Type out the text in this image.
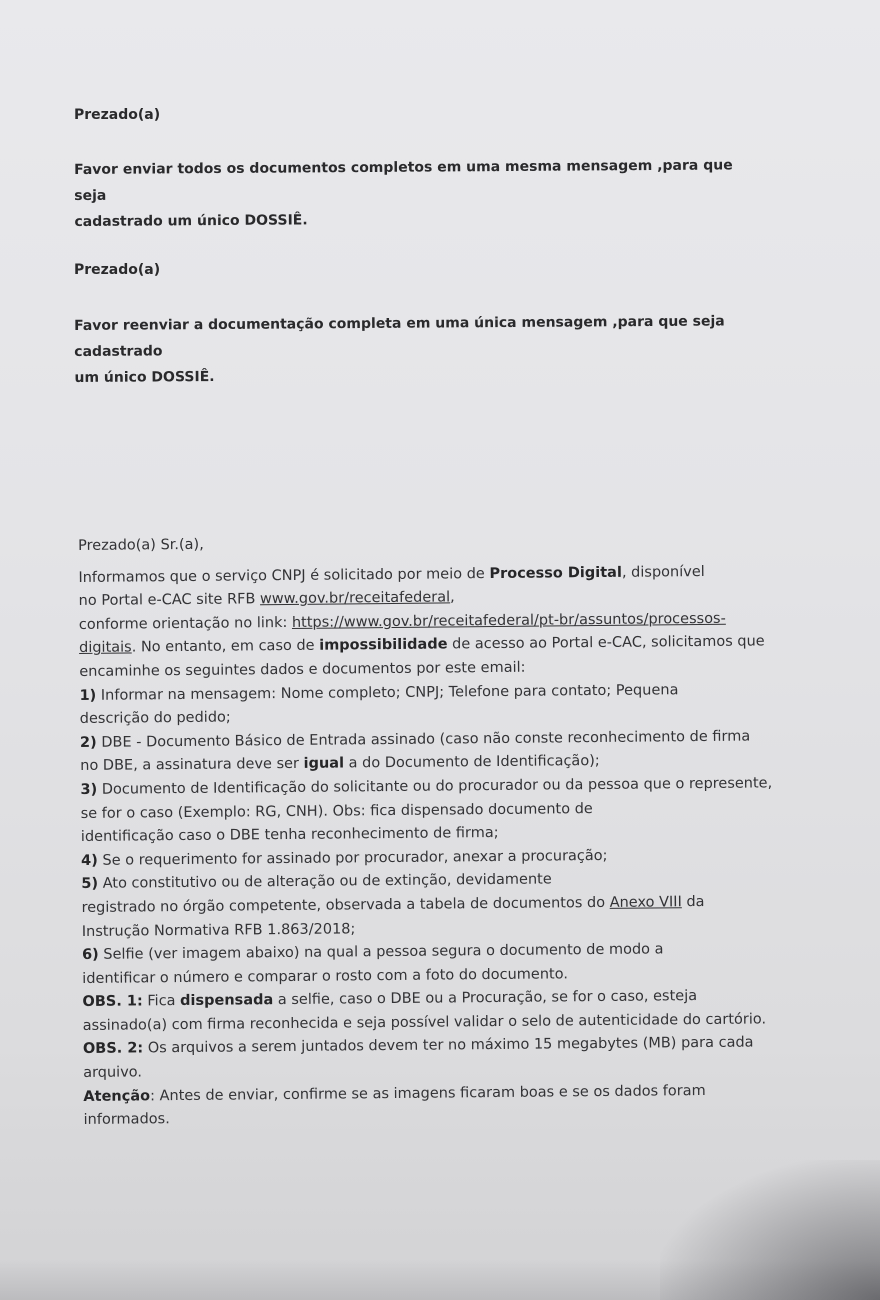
Prezado(a)

Favor enviar todos os documentos completos em uma mesma mensagem ,para que seja

cadastrado um único DOSSIÊ.

Prezado(a)

Favor reenviar a documentação completa em uma única mensagem ,para que seja cadastrado

um único DOSSIÊ.

Prezado(a) Sr.(a),
Informamos que o serviço CNPJ é solicitado por meio de Processo Digital, disponível
no Portal e-CAC site RFB www.gov.br/receitafederal,
conforme orientação no link: https://www.gov.br/receitafederal/pt-br/assuntos/processos-
digitais. No entanto, em caso de impossibilidade de acesso ao Portal e-CAC, solicitamos que
encaminhe os seguintes dados e documentos por este email:
1) Informar na mensagem: Nome completo; CNPJ; Telefone para contato; Pequena
descrição do pedido;
2) DBE - Documento Básico de Entrada assinado (caso não conste reconhecimento de firma
no DBE, a assinatura deve ser igual a do Documento de Identificação);
3) Documento de Identificação do solicitante ou do procurador ou da pessoa que o represente,
se for o caso (Exemplo: RG, CNH). Obs: fica dispensado documento de
identificação caso o DBE tenha reconhecimento de firma;
4) Se o requerimento for assinado por procurador, anexar a procuração;
5) Ato constitutivo ou de alteração ou de extinção, devidamente
registrado no órgão competente, observada a tabela de documentos do Anexo VIII da
Instrução Normativa RFB 1.863/2018;
6) Selfie (ver imagem abaixo) na qual a pessoa segura o documento de modo a
identificar o número e comparar o rosto com a foto do documento.
OBS. 1: Fica dispensada a selfie, caso o DBE ou a Procuração, se for o caso, esteja
assinado(a) com firma reconhecida e seja possível validar o selo de autenticidade do cartório.
OBS. 2: Os arquivos a serem juntados devem ter no máximo 15 megabytes (MB) para cada
arquivo.
Atenção: Antes de enviar, confirme se as imagens ficaram boas e se os dados foram
informados.
